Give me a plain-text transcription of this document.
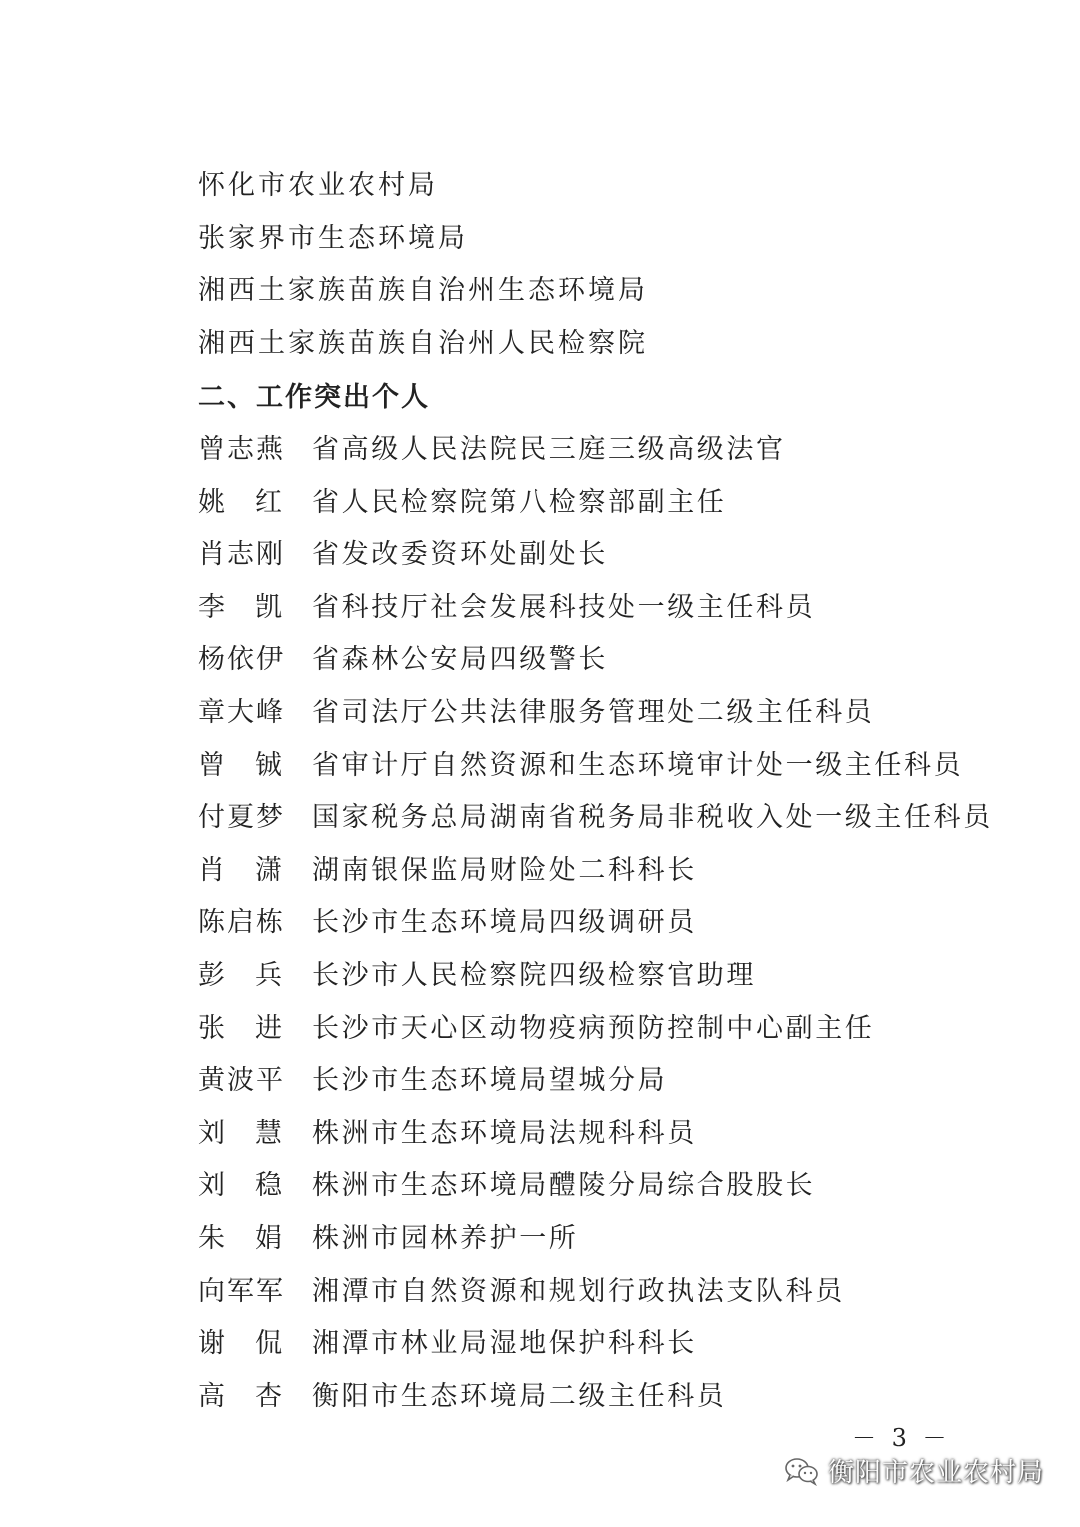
怀化市农业农村局
张家界市生态环境局
湘西土家族苗族自治州生态环境局
湘西土家族苗族自治州人民检察院
二、工作突出个人
曾志燕 省高级人民法院民三庭三级高级法官
姚红 省人民检察院第八检察部副主任
肖志刚 省发改委资环处副处长
李凯 省科技厅社会发展科技处一级主任科员
杨依伊 省森林公安局四级警长
章大峰 省司法厅公共法律服务管理处二级主任科员
曾铖 省审计厅自然资源和生态环境审计处一级主任科员
付夏梦 国家税务总局湖南省税务局非税收入处一级主任科员
肖潇 湖南银保监局财险处二科科长
陈启栋 长沙市生态环境局四级调研员
彭兵 长沙市人民检察院四级检察官助理
张进 长沙市天心区动物疫病预防控制中心副主任
黄波平 长沙市生态环境局望城分局
刘慧 株洲市生态环境局法规科科员
刘稳 株洲市生态环境局醴陵分局综合股股长
朱娟 株洲市园林养护一所
向军军 湘潭市自然资源和规划行政执法支队科员
谢侃 湘潭市林业局湿地保护科科长
高杏 衡阳市生态环境局二级主任科员
－ 3 －
衡阳市农业农村局
